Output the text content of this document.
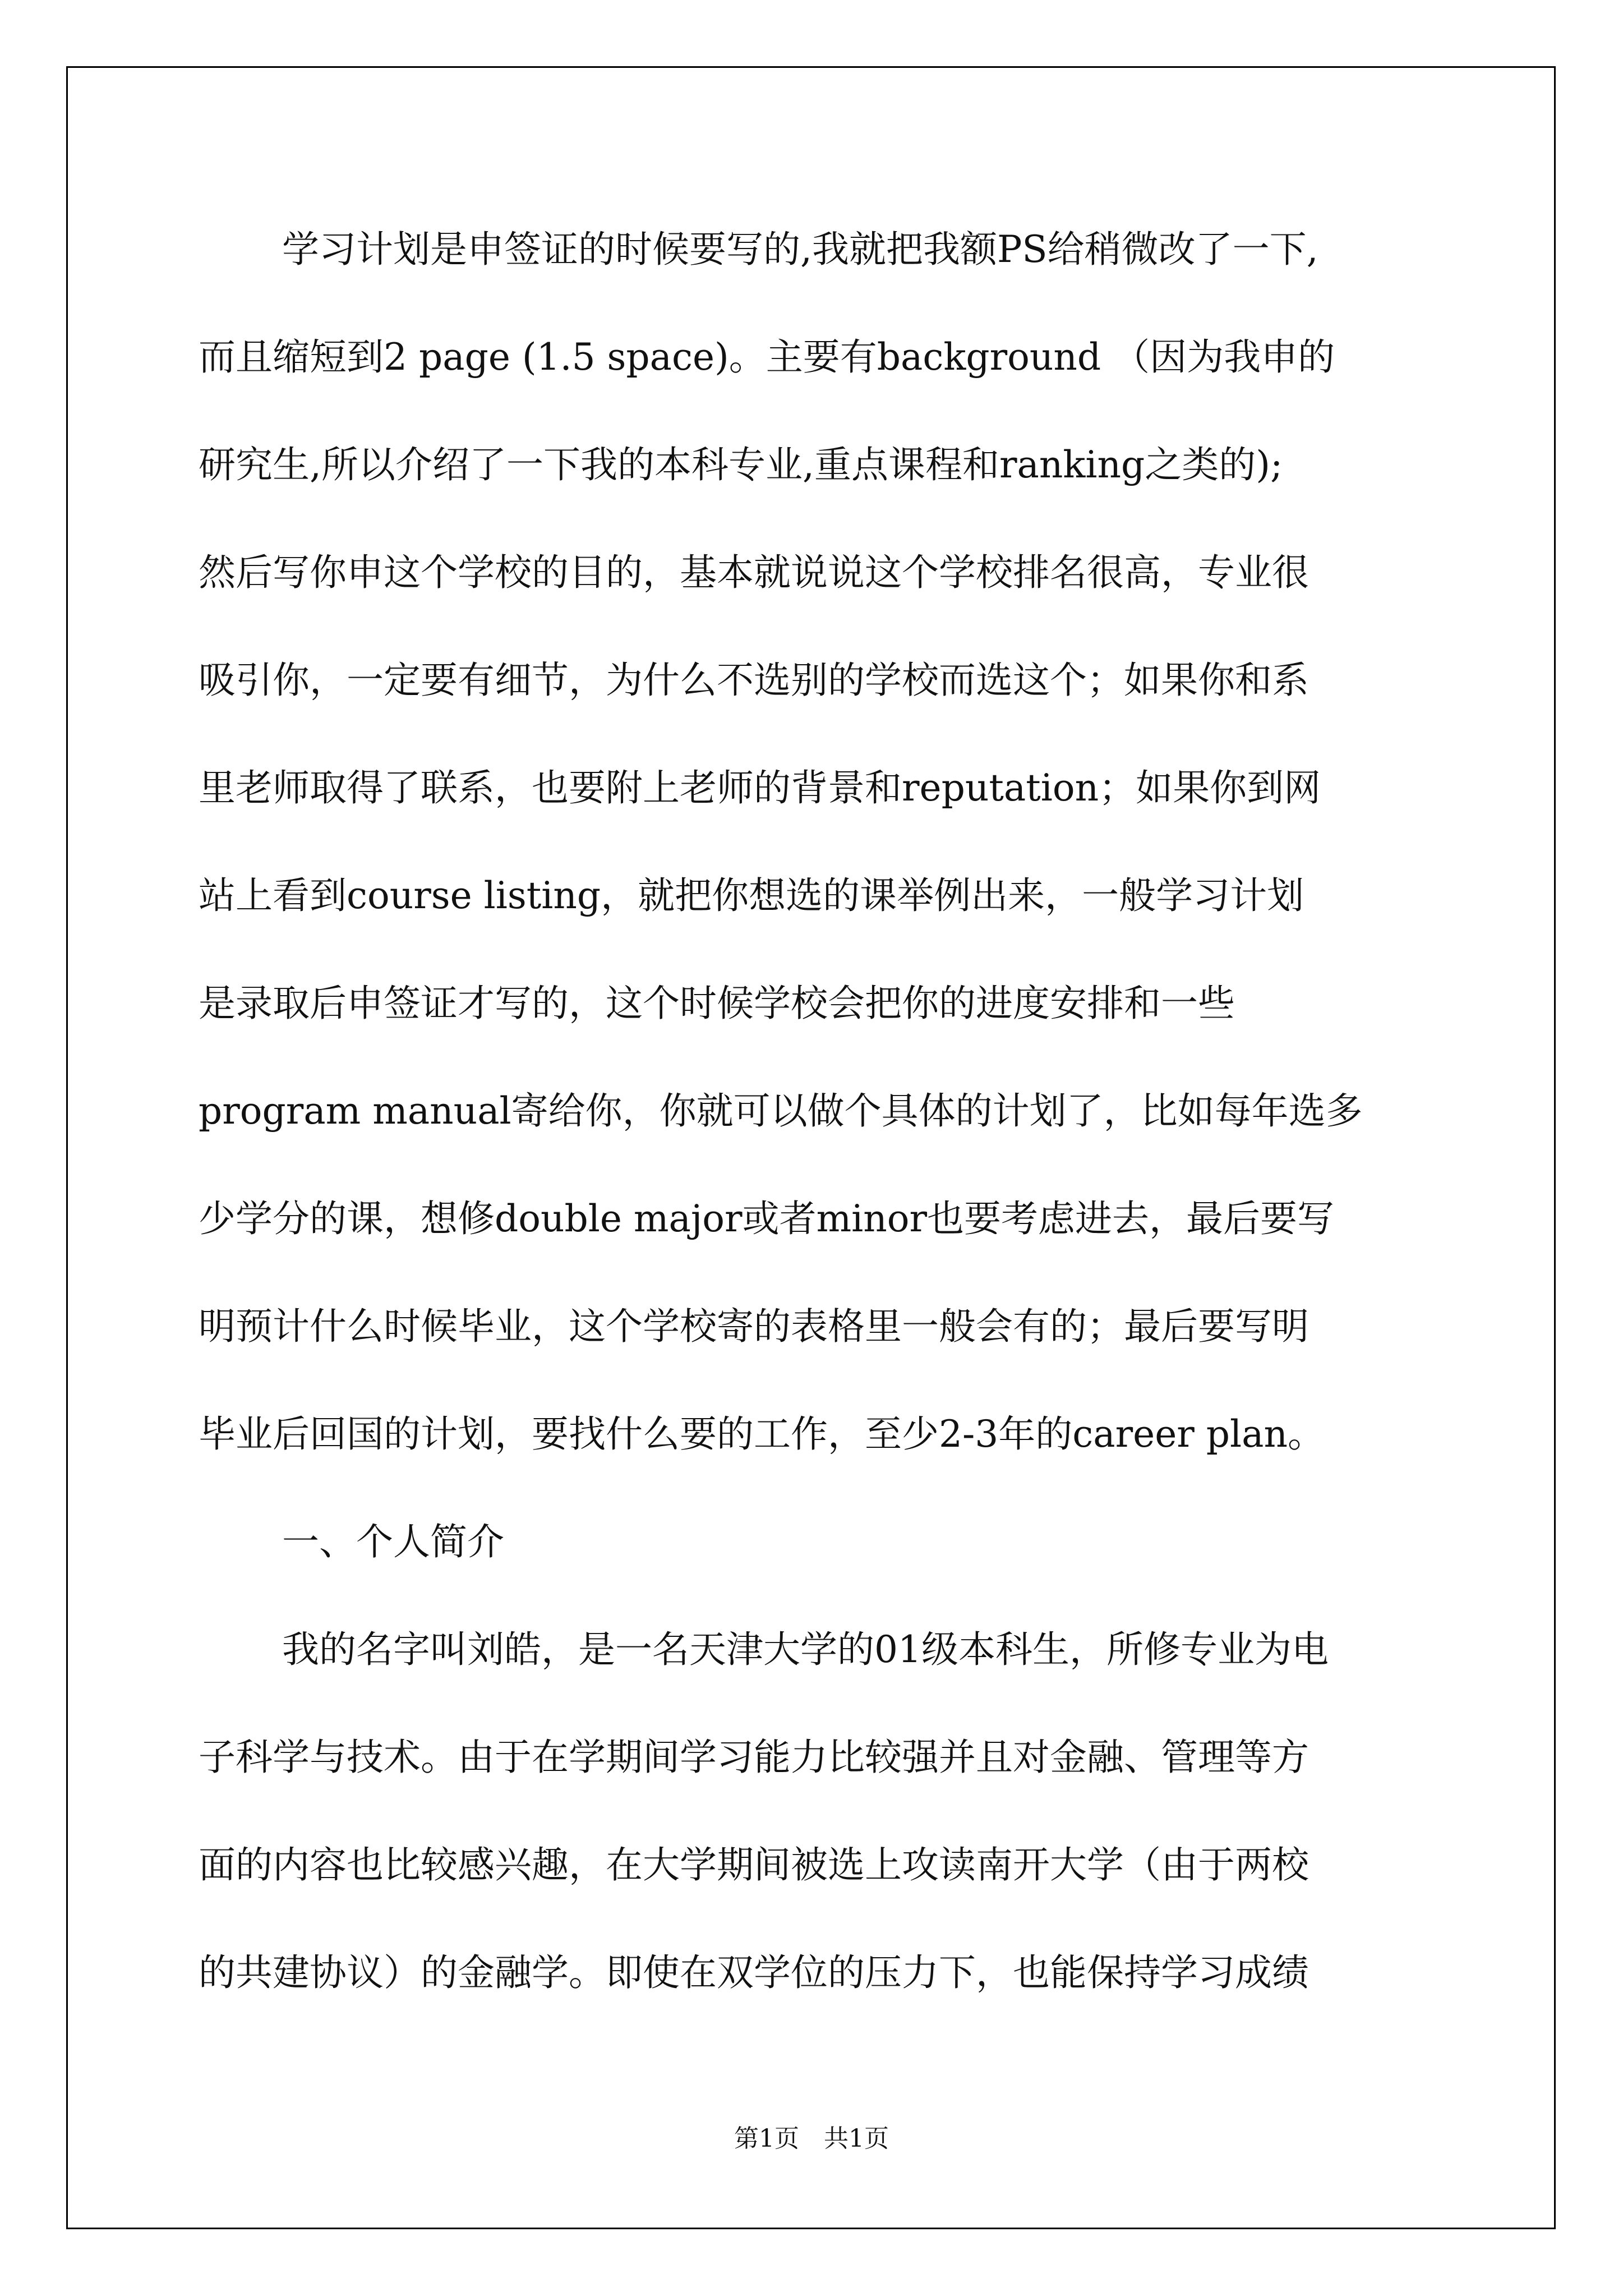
学习计划是申签证的时候要写的,我就把我额PS给稍微改了一下,
而且缩短到2 page (1.5 space)。主要有background （因为我申的
研究生,所以介绍了一下我的本科专业,重点课程和ranking之类的);
然后写你申这个学校的目的，基本就说说这个学校排名很高，专业很
吸引你，一定要有细节，为什么不选别的学校而选这个；如果你和系
里老师取得了联系，也要附上老师的背景和reputation；如果你到网
站上看到course listing，就把你想选的课举例出来，一般学习计划
是录取后申签证才写的，这个时候学校会把你的进度安排和一些
program manual寄给你，你就可以做个具体的计划了，比如每年选多
少学分的课，想修double major或者minor也要考虑进去，最后要写
明预计什么时候毕业，这个学校寄的表格里一般会有的；最后要写明
毕业后回国的计划，要找什么要的工作，至少2-3年的career plan。
一、个人简介
我的名字叫刘皓，是一名天津大学的01级本科生，所修专业为电
子科学与技术。由于在学期间学习能力比较强并且对金融、管理等方
面的内容也比较感兴趣，在大学期间被选上攻读南开大学（由于两校
的共建协议）的金融学。即使在双学位的压力下，也能保持学习成绩
第1页　共1页
